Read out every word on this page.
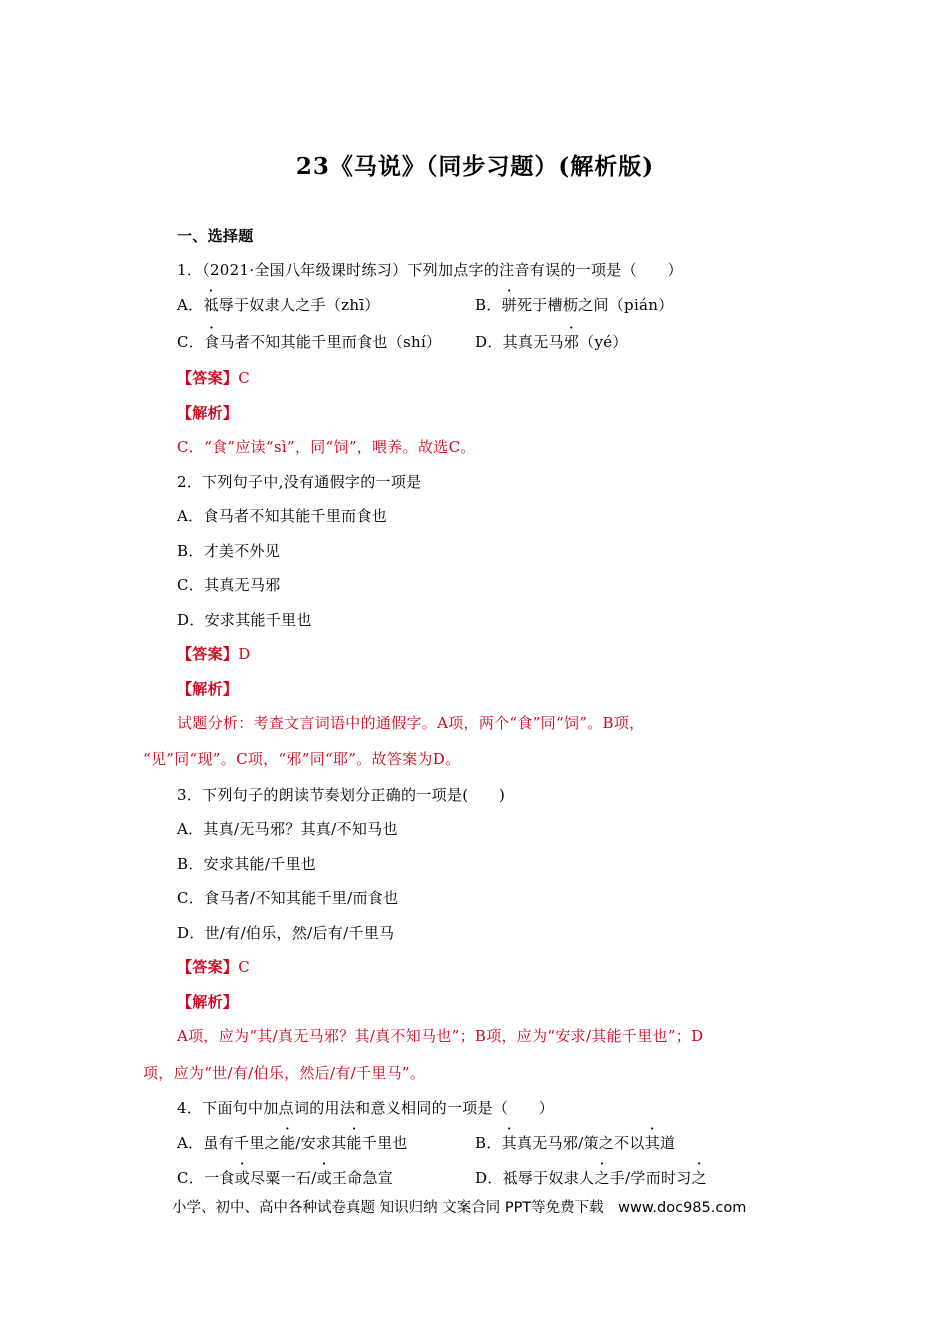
23《马说》（同步习题）(解析版)
一、选择题
1．（2021·全国八年级课时练习）下列加点字的注音有误的一项是（　　）
A．祗辱于奴隶人之手（zhī）	B．骈死于槽枥之间（pián）
C．食马者不知其能千里而食也（shí） D．其真无马邪（yé）
【答案】C
【解析】
C．“食”应读“sì”，同“饲”，喂养。故选C。
2．下列句子中,没有通假字的一项是
A．食马者不知其能千里而食也
B．才美不外见
C．其真无马邪
D．安求其能千里也
【答案】D
【解析】
试题分析：考查文言词语中的通假字。A项，两个“食”同“饲”。B项，
“见”同“现”。C项，“邪”同“耶”。故答案为D。
3．下列句子的朗读节奏划分正确的一项是(　　)
A．其真/无马邪？其真/不知马也
B．安求其能/千里也
C．食马者/不知其能千里/而食也
D．世/有/伯乐，然/后有/千里马
【答案】C
【解析】
A项，应为“其/真无马邪？其/真不知马也”；B项，应为“安求/其能千里也”；D
项，应为“世/有/伯乐，然后/有/千里马”。
4．下面句中加点词的用法和意义相同的一项是（　　）
A．虽有千里之能/安求其能千里也	B．其真无马邪/策之不以其道
C．一食或尽粟一石/或王命急宣	D．祗辱于奴隶人之手/学而时习之
小学、初中、高中各种试卷真题 知识归纳 文案合同 PPT等免费下载　www.doc985.com
